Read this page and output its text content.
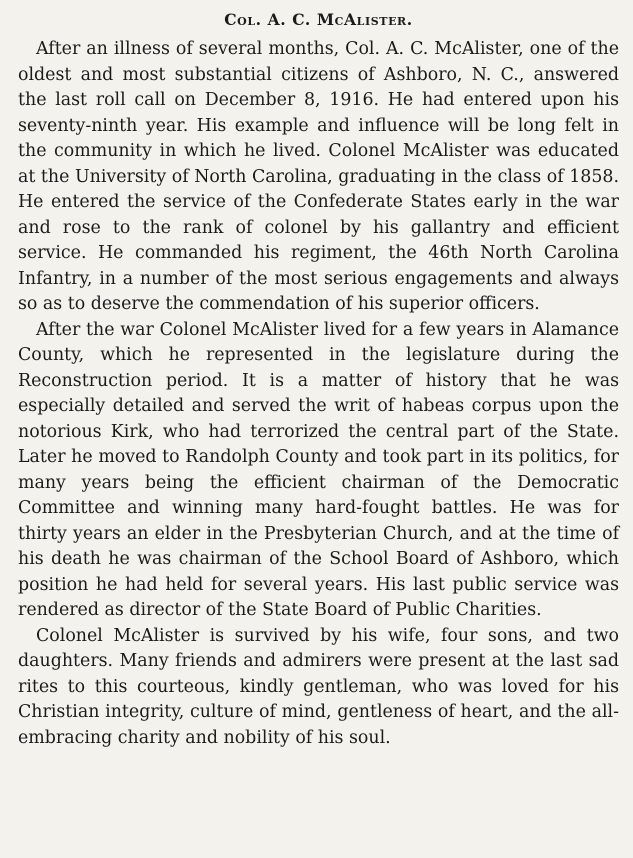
Col. A. C. McAlister.

After an illness of several months, Col. A. C. McAlister, one of the oldest and most substantial citizens of Ashboro, N. C., answered the last roll call on December 8, 1916. He had entered upon his seventy-ninth year. His example and influence will be long felt in the community in which he lived. Colonel McAlister was educated at the University of North Carolina, graduating in the class of 1858. He entered the service of the Confederate States early in the war and rose to the rank of colonel by his gallantry and efficient service. He commanded his regiment, the 46th North Carolina Infantry, in a number of the most serious engagements and always so as to deserve the commendation of his superior officers.

After the war Colonel McAlister lived for a few years in Alamance County, which he represented in the legislature during the Reconstruction period. It is a matter of history that he was especially detailed and served the writ of habeas corpus upon the notorious Kirk, who had terrorized the central part of the State. Later he moved to Randolph County and took part in its politics, for many years being the efficient chairman of the Democratic Committee and winning many hard-fought battles. He was for thirty years an elder in the Presbyterian Church, and at the time of his death he was chairman of the School Board of Ashboro, which position he had held for several years. His last public service was rendered as director of the State Board of Public Charities.

Colonel McAlister is survived by his wife, four sons, and two daughters. Many friends and admirers were present at the last sad rites to this courteous, kindly gentleman, who was loved for his Christian integrity, culture of mind, gentleness of heart, and the all-embracing charity and nobility of his soul.
